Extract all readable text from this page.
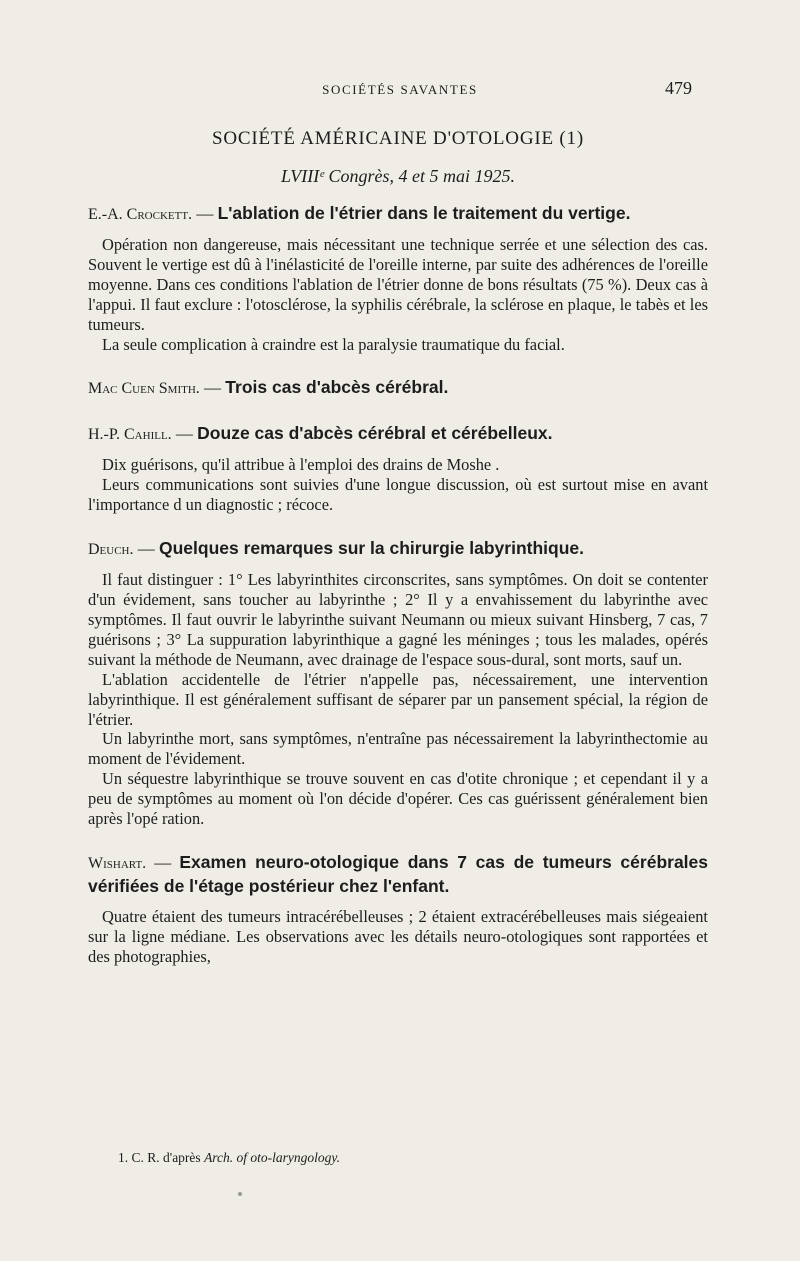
SOCIÉTÉS SAVANTES	479
SOCIÉTÉ AMÉRICAINE D'OTOLOGIE (1)
LVIIIᵉ Congrès, 4 et 5 mai 1925.

E.-A. Crockett. — L'ablation de l'étrier dans le traitement du vertige.

Opération non dangereuse, mais nécessitant une technique serrée et une sélection des cas. Souvent le vertige est dû à l'inélasticité de l'oreille interne, par suite des adhérences de l'oreille moyenne. Dans ces conditions l'ablation de l'étrier donne de bons résultats (75 %). Deux cas à l'appui. Il faut exclure : l'otosclérose, la syphilis cérébrale, la sclérose en plaque, le tabès et les tumeurs.

La seule complication à craindre est la paralysie traumatique du facial.

Mac Cuen Smith. — Trois cas d'abcès cérébral.

H.-P. Cahill. — Douze cas d'abcès cérébral et cérébelleux.

Dix guérisons, qu'il attribue à l'emploi des drains de Moshe .

Leurs communications sont suivies d'une longue discussion, où est surtout mise en avant l'importance d un diagnostic ; récoce.

Deuch. — Quelques remarques sur la chirurgie labyrinthique.

Il faut distinguer : 1° Les labyrinthites circonscrites, sans symptômes. On doit se contenter d'un évidement, sans toucher au labyrinthe ; 2° Il y a envahissement du labyrinthe avec symptômes. Il faut ouvrir le labyrinthe suivant Neumann ou mieux suivant Hinsberg, 7 cas, 7 guérisons ; 3° La suppuration labyrinthique a gagné les méninges ; tous les malades, opérés suivant la méthode de Neumann, avec drainage de l'espace sous-dural, sont morts, sauf un.

L'ablation accidentelle de l'étrier n'appelle pas, nécessairement, une intervention labyrinthique. Il est généralement suffisant de séparer par un pansement spécial, la région de l'étrier.

Un labyrinthe mort, sans symptômes, n'entraîne pas nécessairement la labyrinthectomie au moment de l'évidement.

Un séquestre labyrinthique se trouve souvent en cas d'otite chronique ; et cependant il y a peu de symptômes au moment où l'on décide d'opérer. Ces cas guérissent généralement bien après l'opé ration.

Wishart. — Examen neuro-otologique dans 7 cas de tumeurs cérébrales vérifiées de l'étage postérieur chez l'enfant.

Quatre étaient des tumeurs intracérébelleuses ; 2 étaient extracérébelleuses mais siégeaient sur la ligne médiane. Les observations avec les détails neuro-otologiques sont rapportées et des photographies,

1. C. R. d'après Arch. of oto-laryngology.
